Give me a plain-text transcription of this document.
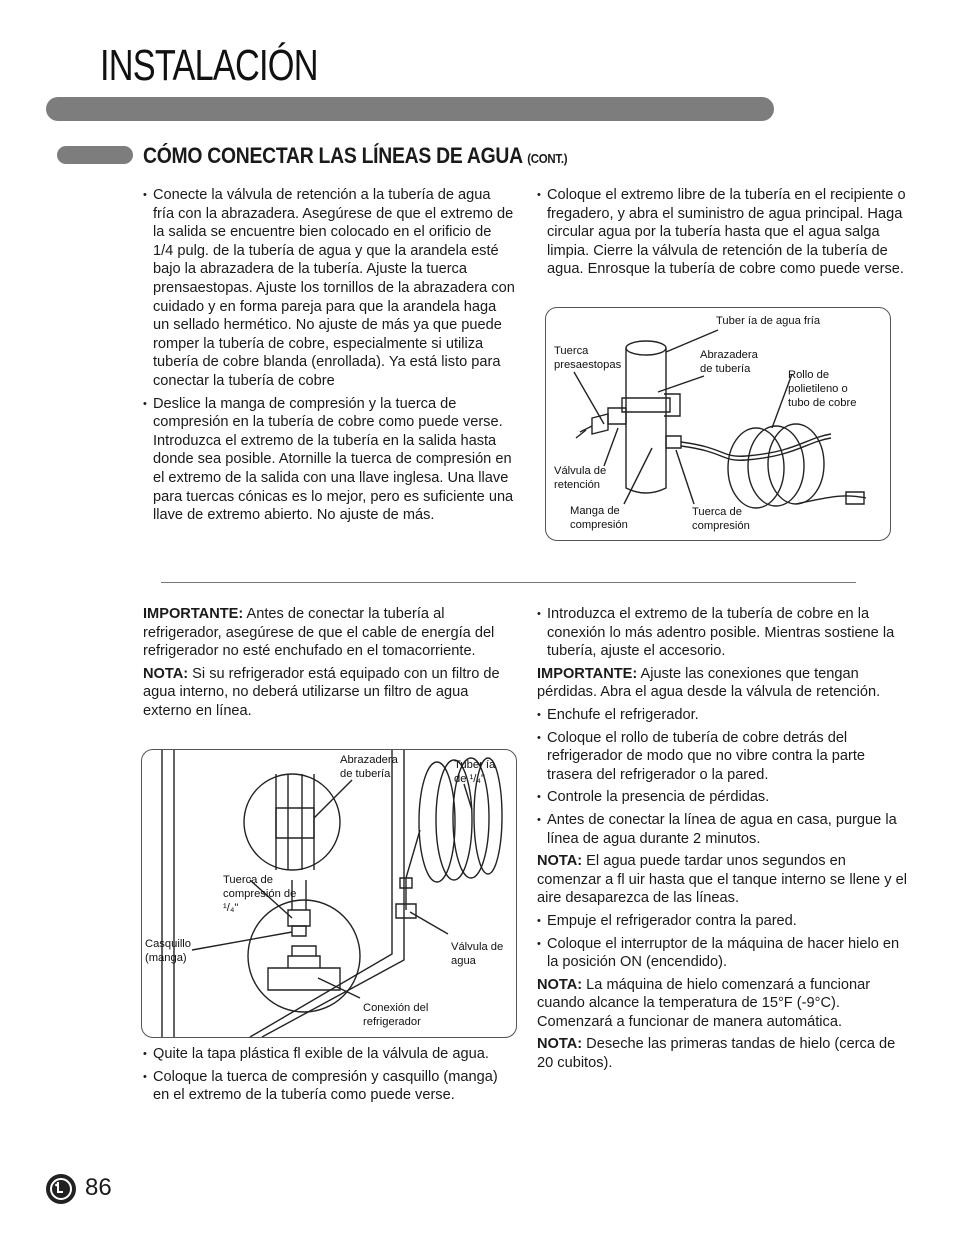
INSTALACIÓN
CÓMO CONECTAR LAS LÍNEAS DE AGUA (CONT.)
• Conecte la válvula de retención a la tubería de agua fría con la abrazadera. Asegúrese de que el extremo de la salida se encuentre bien colocado en el orificio de 1/4 pulg. de la tubería de agua y que la arandela esté bajo la abrazadera de la tubería. Ajuste la tuerca prensaestopas. Ajuste los tornillos de la abrazadera con cuidado y en forma pareja para que la arandela haga un sellado hermético. No ajuste de más ya que puede romper la tubería de cobre, especialmente si utiliza tubería de cobre blanda (enrollada). Ya está listo para conectar la tubería de cobre
• Deslice la manga de compresión y la tuerca de compresión en la tubería de cobre como puede verse. Introduzca el extremo de la tubería en la salida hasta donde sea posible. Atornille la tuerca de compresión en el extremo de la salida con una llave inglesa. Una llave para tuercas cónicas es lo mejor, pero es suficiente una llave de extremo abierto. No ajuste de más.
• Coloque el extremo libre de la tubería en el recipiente o fregadero, y abra el suministro de agua principal. Haga circular agua por la tubería hasta que el agua salga limpia. Cierre la válvula de retención de la tubería de agua. Enrosque la tubería de cobre como puede verse.
Tuber ía de agua fría
Tuerca
presaestopas
Abrazadera
de tubería	Rollo de
polietileno o
tubo de cobre
Válvula de
retención
Manga de
compresión
Tuerca de
compresión

IMPORTANTE: Antes de conectar la tubería al refrigerador, asegúrese de que el cable de energía del refrigerador no esté enchufado en el tomacorriente.

NOTA: Si su refrigerador está equipado con un filtro de agua interno, no deberá utilizarse un filtro de agua externo en línea.

Abrazadera
de tubería
Tuber ía
de ¹/₄"
Tuerca de
compresión de
¹/₄"
Casquillo
(manga)
Válvula de
agua
Conexión del
refrigerador
• Quite la tapa plástica fl exible de la válvula de agua.
• Coloque la tuerca de compresión y casquillo (manga) en el extremo de la tubería como puede verse.
• Introduzca el extremo de la tubería de cobre en la conexión lo más adentro posible. Mientras sostiene la tubería, ajuste el accesorio.

IMPORTANTE: Ajuste las conexiones que tengan pérdidas. Abra el agua desde la válvula de retención.

• Enchufe el refrigerador.
• Coloque el rollo de tubería de cobre detrás del refrigerador de modo que no vibre contra la parte trasera del refrigerador o la pared.
• Controle la presencia de pérdidas.
• Antes de conectar la línea de agua en casa, purgue la línea de agua durante 2 minutos.

NOTA: El agua puede tardar unos segundos en comenzar a fl uir hasta que el tanque interno se llene y el aire desaparezca de las líneas.

• Empuje el refrigerador contra la pared.
• Coloque el interruptor de la máquina de hacer hielo en la posición ON (encendido).

NOTA: La máquina de hielo comenzará a funcionar cuando alcance la temperatura de 15°F (-9°C). Comenzará a funcionar de manera automática.

NOTA: Deseche las primeras tandas de hielo (cerca de 20 cubitos).

86
